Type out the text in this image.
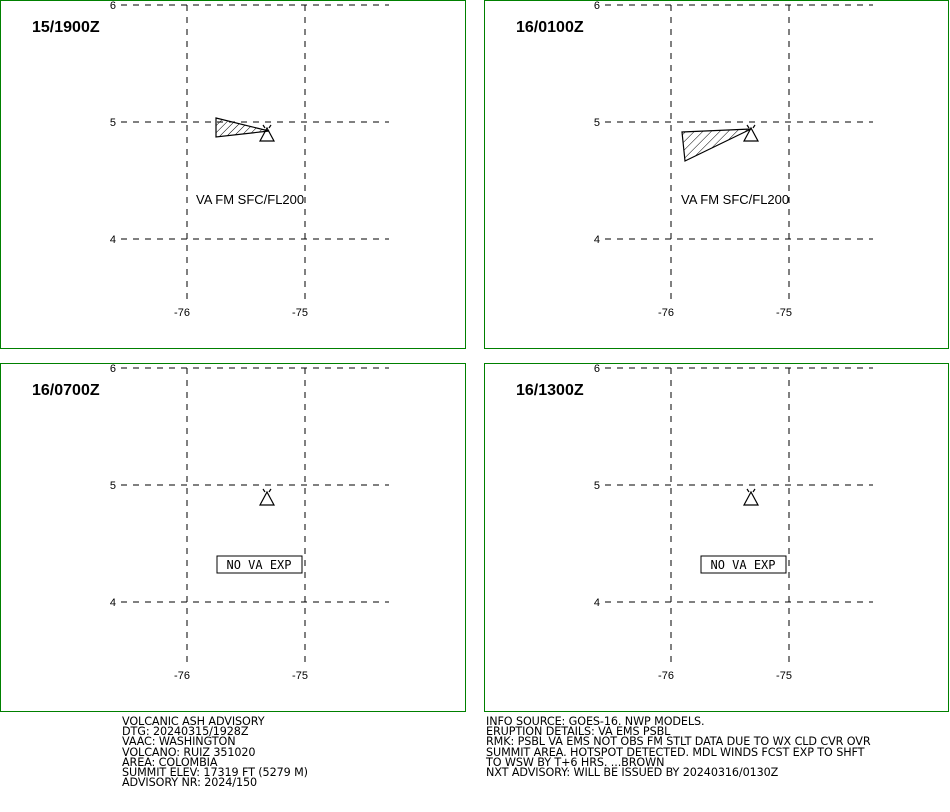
6
5
4
-76	-75
VA FM SFC/FL200
15/1900Z
6
5
4
-76	-75
VA FM SFC/FL200
16/0100Z
6
5
4
-76	-75
NO VA EXP
16/0700Z
6
5
4
-76	-75
NO VA EXP
16/1300Z
VOLCANIC ASH ADVISORY
DTG: 20240315/1928Z
VAAC: WASHINGTON
VOLCANO: RUIZ 351020
AREA: COLOMBIA
SUMMIT ELEV: 17319 FT (5279 M)
ADVISORY NR: 2024/150
INFO SOURCE: GOES-16. NWP MODELS.
ERUPTION DETAILS: VA EMS PSBL
RMK: PSBL VA EMS NOT OBS FM STLT DATA DUE TO WX CLD CVR OVR
SUMMIT AREA. HOTSPOT DETECTED. MDL WINDS FCST EXP TO SHFT
TO WSW BY T+6 HRS. ...BROWN
NXT ADVISORY: WILL BE ISSUED BY 20240316/0130Z
